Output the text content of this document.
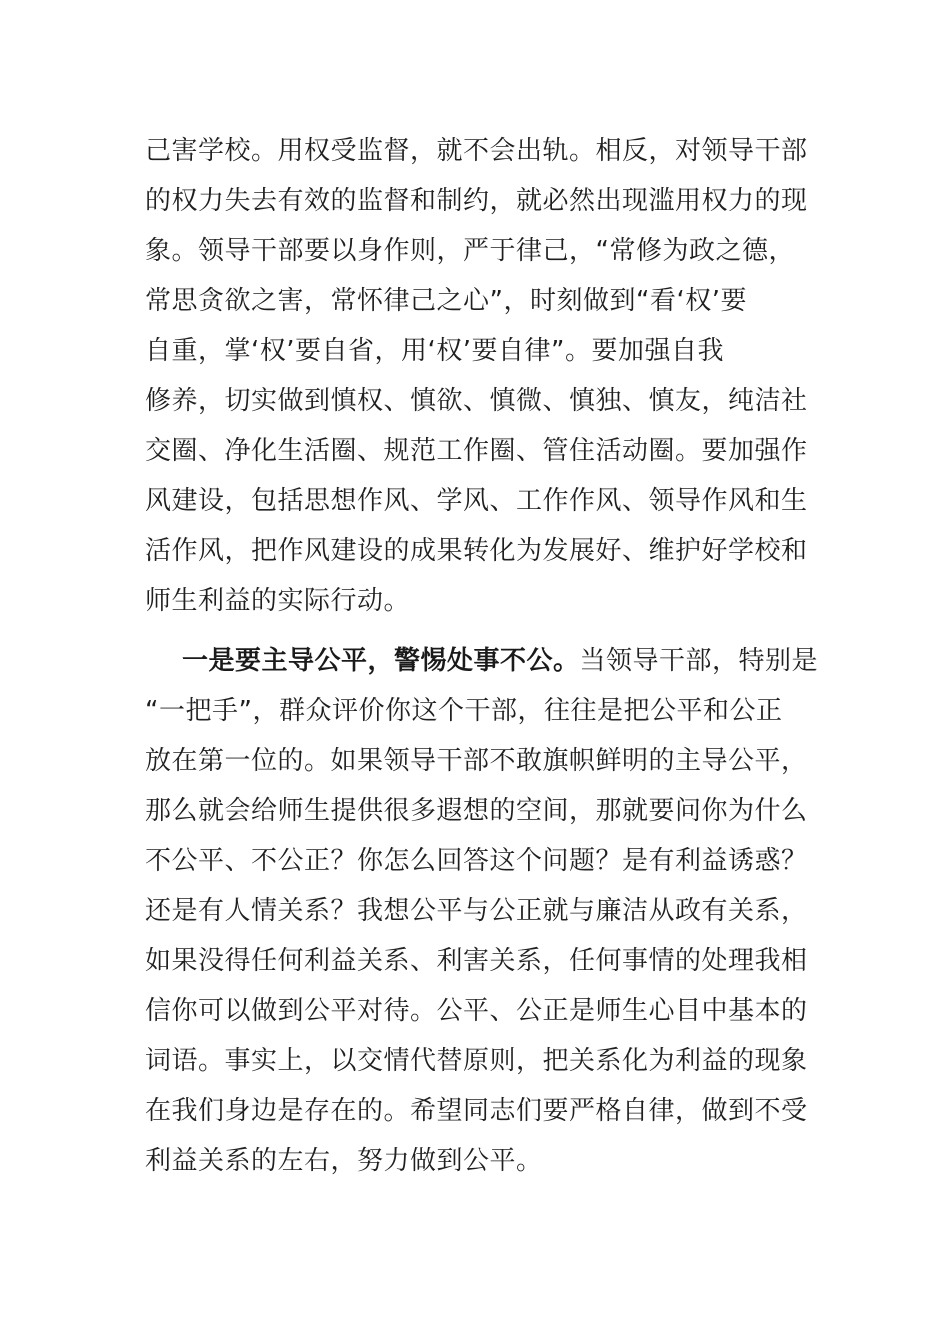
己害学校。用权受监督，就不会出轨。相反，对领导干部
的权力失去有效的监督和制约，就必然出现滥用权力的现
象。领导干部要以身作则，严于律己，“常修为政之德，
常思贪欲之害，常怀律己之心”，时刻做到“看‘权’要
自重，掌‘权’要自省，用‘权’要自律”。要加强自我
修养，切实做到慎权、慎欲、慎微、慎独、慎友，纯洁社
交圈、净化生活圈、规范工作圈、管住活动圈。要加强作
风建设，包括思想作风、学风、工作作风、领导作风和生
活作风，把作风建设的成果转化为发展好、维护好学校和
师生利益的实际行动。
一是要主导公平，警惕处事不公。当领导干部，特别是
“一把手”，群众评价你这个干部，往往是把公平和公正
放在第一位的。如果领导干部不敢旗帜鲜明的主导公平，
那么就会给师生提供很多遐想的空间，那就要问你为什么
不公平、不公正？你怎么回答这个问题？是有利益诱惑？
还是有人情关系？我想公平与公正就与廉洁从政有关系，
如果没得任何利益关系、利害关系，任何事情的处理我相
信你可以做到公平对待。公平、公正是师生心目中基本的
词语。事实上，以交情代替原则，把关系化为利益的现象
在我们身边是存在的。希望同志们要严格自律，做到不受
利益关系的左右，努力做到公平。
